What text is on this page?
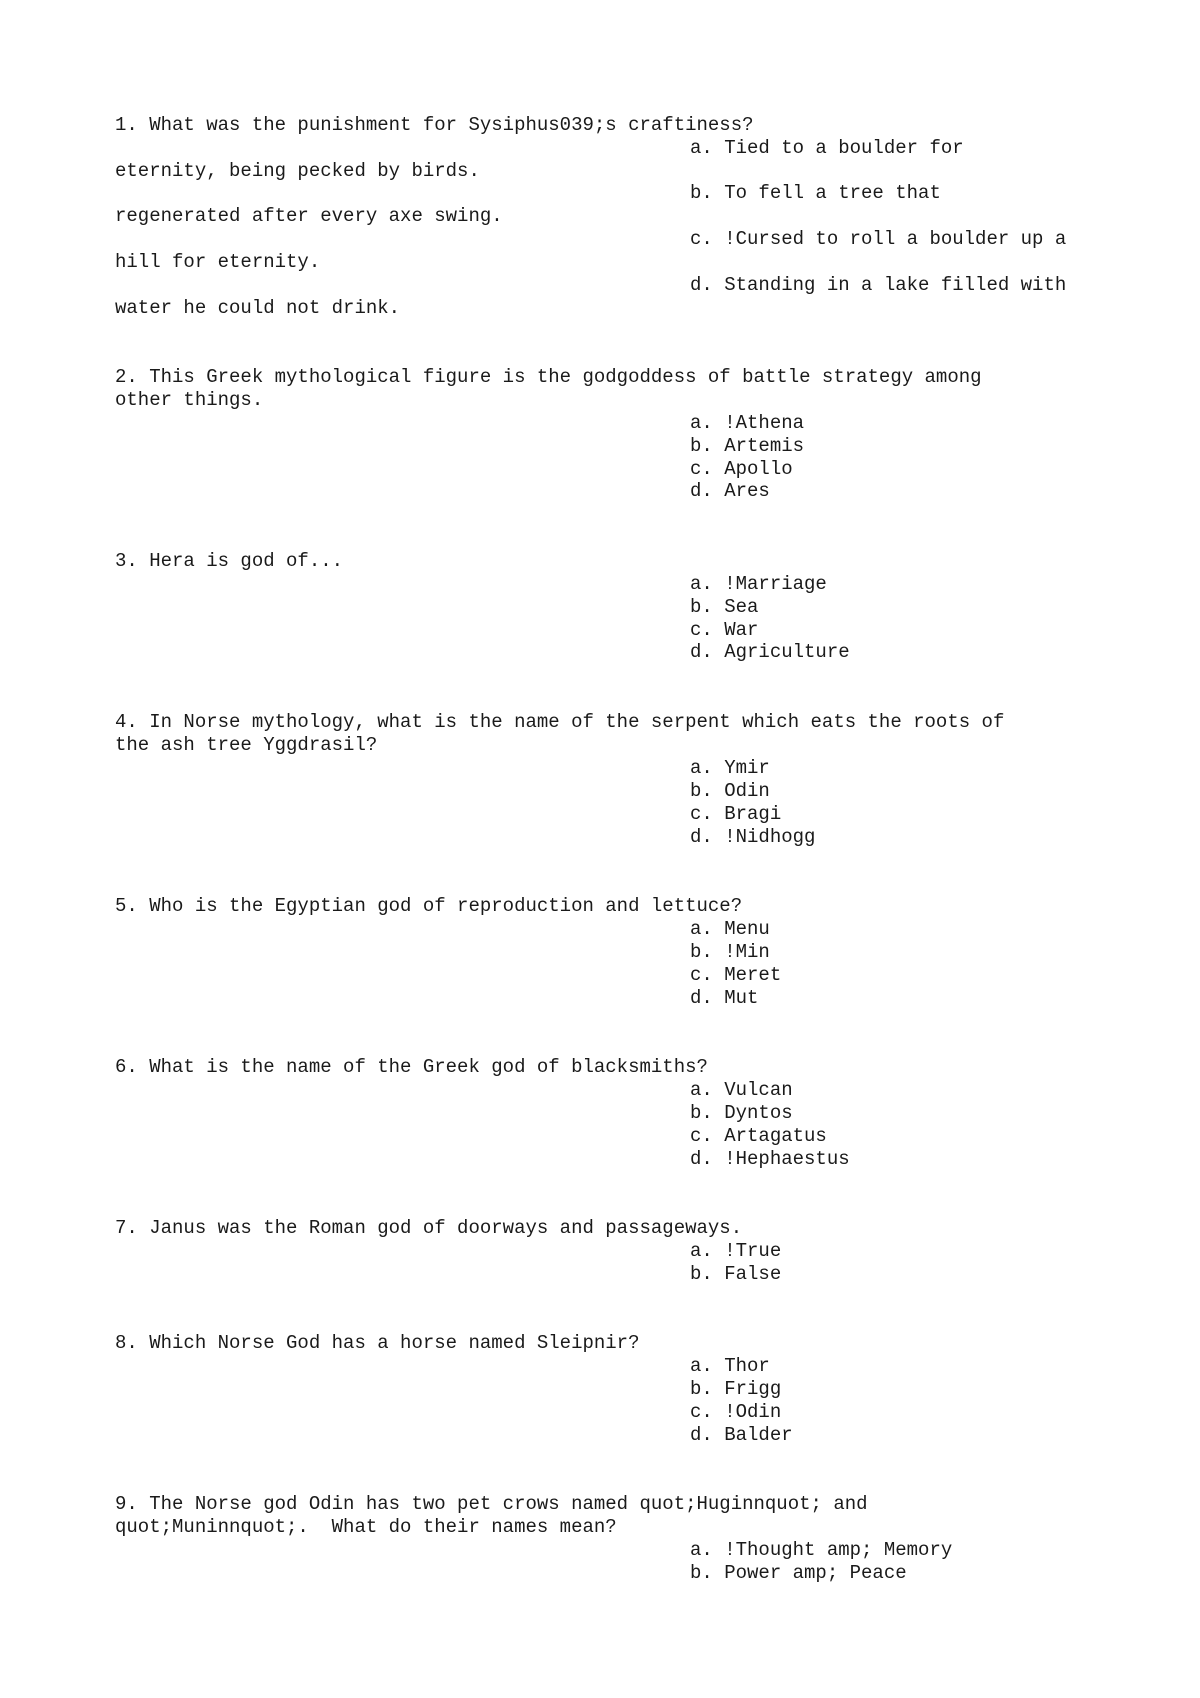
1. What was the punishment for Sysiphus039;s craftiness?
a. Tied to a boulder for
eternity, being pecked by birds.
b. To fell a tree that
regenerated after every axe swing.
c. !Cursed to roll a boulder up a
hill for eternity.
d. Standing in a lake filled with
water he could not drink.
2. This Greek mythological figure is the godgoddess of battle strategy among
other things.
a. !Athena
b. Artemis
c. Apollo
d. Ares
3. Hera is god of...
a. !Marriage
b. Sea
c. War
d. Agriculture
4. In Norse mythology, what is the name of the serpent which eats the roots of
the ash tree Yggdrasil?
a. Ymir
b. Odin
c. Bragi
d. !Nidhogg
5. Who is the Egyptian god of reproduction and lettuce?
a. Menu
b. !Min
c. Meret
d. Mut
6. What is the name of the Greek god of blacksmiths?
a. Vulcan
b. Dyntos
c. Artagatus
d. !Hephaestus
7. Janus was the Roman god of doorways and passageways.
a. !True
b. False
8. Which Norse God has a horse named Sleipnir?
a. Thor
b. Frigg
c. !Odin
d. Balder
9. The Norse god Odin has two pet crows named quot;Huginnquot; and
quot;Muninnquot;.  What do their names mean?
a. !Thought amp; Memory
b. Power amp; Peace
